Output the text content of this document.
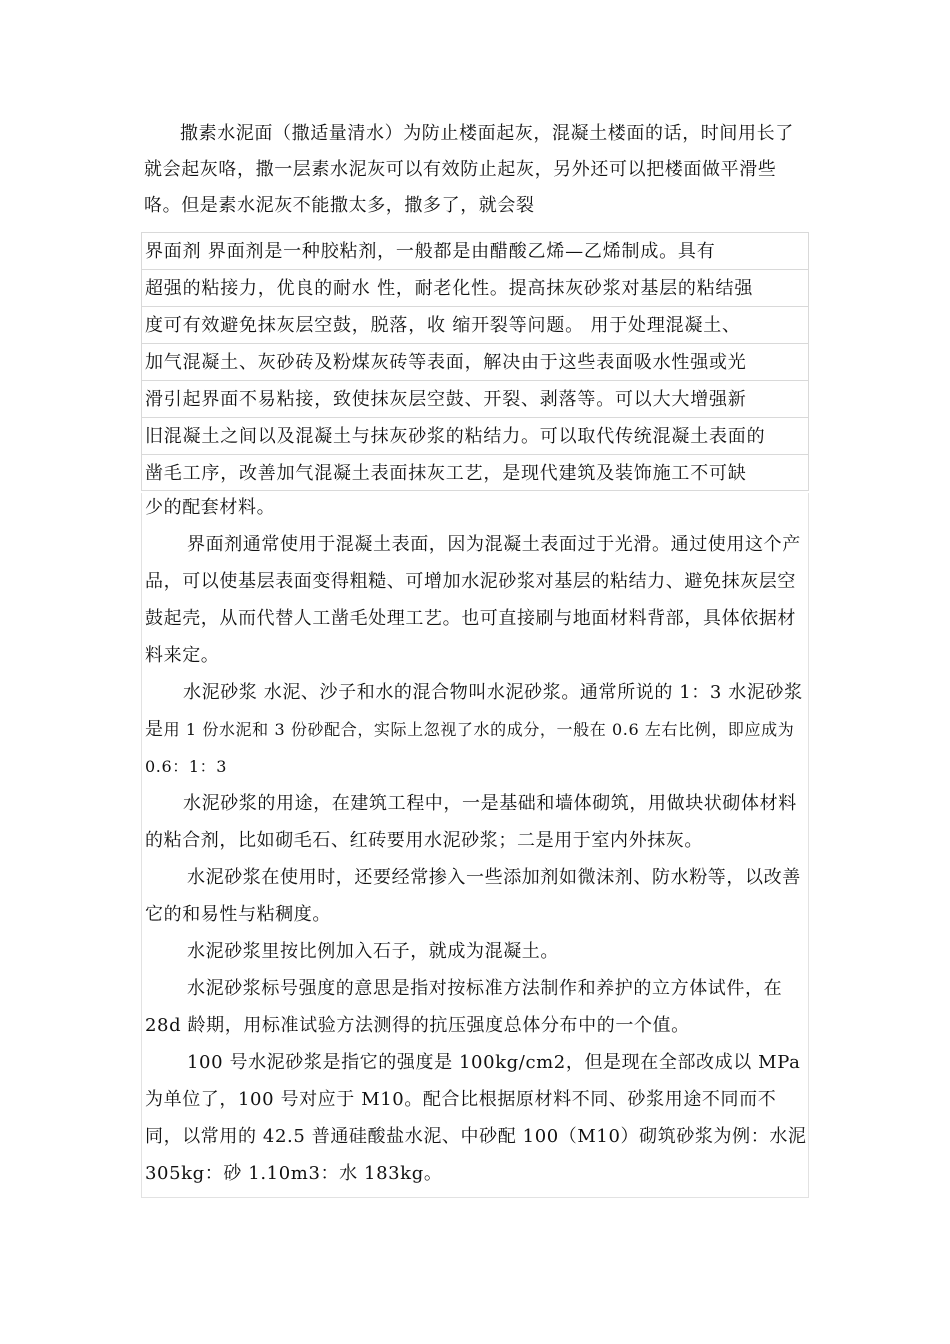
撒素水泥面（撒适量清水）为防止楼面起灰，混凝土楼面的话，时间用长了就会起灰咯，撒一层素水泥灰可以有效防止起灰，另外还可以把楼面做平滑些咯。但是素水泥灰不能撒太多，撒多了，就会裂

界面剂 界面剂是一种胶粘剂，一般都是由醋酸乙烯—乙烯制成。具有
超强的粘接力，优良的耐水 性，耐老化性。提高抹灰砂浆对基层的粘结强
度可有效避免抹灰层空鼓，脱落，收 缩开裂等问题。 用于处理混凝土、
加气混凝土、灰砂砖及粉煤灰砖等表面，解决由于这些表面吸水性强或光
滑引起界面不易粘接，致使抹灰层空鼓、开裂、剥落等。可以大大增强新
旧混凝土之间以及混凝土与抹灰砂浆的粘结力。可以取代传统混凝土表面的
凿毛工序，改善加气混凝土表面抹灰工艺，是现代建筑及装饰施工不可缺

少的配套材料。

界面剂通常使用于混凝土表面，因为混凝土表面过于光滑。通过使用这个产品，可以使基层表面变得粗糙、可增加水泥砂浆对基层的粘结力、避免抹灰层空鼓起壳，从而代替人工凿毛处理工艺。也可直接刷与地面材料背部，具体依据材料来定。

水泥砂浆 水泥、沙子和水的混合物叫水泥砂浆。通常所说的 1：3 水泥砂浆是用 1 份水泥和 3 份砂配合，实际上忽视了水的成分，一般在 0.6 左右比例，即应成为 0.6：1：3

水泥砂浆的用途，在建筑工程中，一是基础和墙体砌筑，用做块状砌体材料的粘合剂，比如砌毛石、红砖要用水泥砂浆；二是用于室内外抹灰。

水泥砂浆在使用时，还要经常掺入一些添加剂如微沫剂、防水粉等，以改善它的和易性与粘稠度。

水泥砂浆里按比例加入石子，就成为混凝土。

水泥砂浆标号强度的意思是指对按标准方法制作和养护的立方体试件，在 28d 龄期，用标准试验方法测得的抗压强度总体分布中的一个值。

100 号水泥砂浆是指它的强度是 100kg/cm2，但是现在全部改成以 MPa 为单位了，100 号对应于 M10。配合比根据原材料不同、砂浆用途不同而不同，以常用的 42.5 普通硅酸盐水泥、中砂配 100（M10）砌筑砂浆为例：水泥 305kg：砂 1.10m3：水 183kg。
